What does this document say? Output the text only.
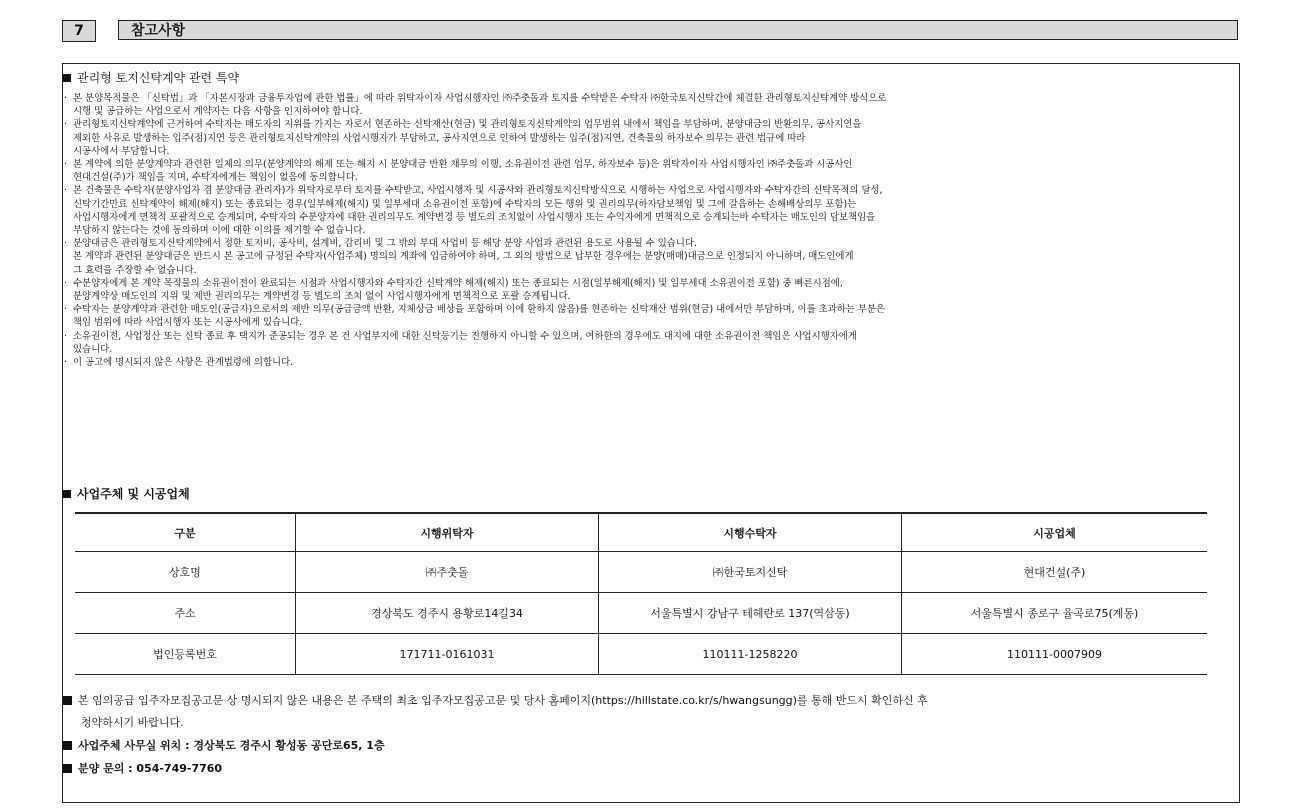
7	참고사항
관리형 토지신탁계약 관련 특약
· 본 분양목적물은 「신탁법」과 「자본시장과 금융투자업에 관한 법률」에 따라 위탁자이자 사업시행자인 ㈜주춧돌과 토지를 수탁받은 수탁자 ㈜한국토지신탁간에 체결한 관리형토지신탁계약 방식으로
시행 및 공급하는 사업으로서 계약자는 다음 사항을 인지하여야 합니다.
· 관리형토지신탁계약에 근거하여 수탁자는 매도자의 지위를 가지는 자로서 현존하는 신탁재산(현금) 및 관리형토지신탁계약의 업무범위 내에서 책임을 부담하며, 분양대금의 반환의무, 공사지연을
제외한 사유로 발생하는 입주(점)지연 등은 관리형토지신탁계약의 사업시행자가 부담하고, 공사지연으로 인하여 발생하는 입주(점)지연, 건축물의 하자보수 의무는 관련 법규에 따라
시공사에서 부담합니다.
· 본 계약에 의한 분양계약과 관련한 일체의 의무(분양계약의 해제 또는 해지 시 분양대금 반환 채무의 이행, 소유권이전 관련 업무, 하자보수 등)은 위탁자이자 사업시행자인 ㈜주춧돌과 시공사인
현대건설(주)가 책임을 지며, 수탁자에게는 책임이 없음에 동의합니다.
· 본 건축물은 수탁자(분양사업자 겸 분양대금 관리자)가 위탁자로부터 토지를 수탁받고, 사업시행자 및 시공사와 관리형토지신탁방식으로 시행하는 사업으로 사업시행자와 수탁자간의 신탁목적의 달성,
신탁기간만료 신탁계약이 해제(해지) 또는 종료되는 경우(일부해제(해지) 및 일부세대 소유권이전 포함)에 수탁자의 모든 행위 및 권리의무(하자담보책임 및 그에 갈음하는 손해배상의무 포함)는
사업시행자에게 면책적 포괄적으로 승계되며, 수탁자의 수분양자에 대한 권리의무도 계약변경 등 별도의 조치없이 사업시행자 또는 수익자에게 면책적으로 승계되는바 수탁자는 매도인의 담보책임을
부담하지 않는다는 것에 동의하며 이에 대한 이의를 제기할 수 없습니다.
· 분양대금은 관리형토지신탁계약에서 정한 토지비, 공사비, 설계비, 감리비 및 그 밖의 부대 사업비 등 해당 분양 사업과 관련된 용도로 사용될 수 있습니다.
본 계약과 관련된 분양대금은 반드시 본 공고에 규정된 수탁자(사업주체) 명의의 계좌에 입금하여야 하며, 그 외의 방법으로 납부한 경우에는 분양(매매)대금으로 인정되지 아니하며, 매도인에게
그 효력을 주장할 수 없습니다.
· 수분양자에게 본 계약 목적물의 소유권이전이 완료되는 시점과 사업시행자와 수탁자간 신탁계약 해제(해지) 또는 종료되는 시점(일부해제(해지) 및 일부세대 소유권이전 포함) 중 빠른시점에,
분양계약상 매도인의 지위 및 제반 권리의무는 계약변경 등 별도의 조치 없이 사업시행자에게 면책적으로 포괄 승계됩니다.
· 수탁자는 분양계약과 관련한 매도인(공급자)으로서의 제반 의무(공급금액 반환, 지체상금 배상을 포함하며 이에 한하지 않음)를 현존하는 신탁재산 범위(현금) 내에서만 부담하며, 이를 초과하는 부분은
책임 범위에 따라 사업시행자 또는 시공사에게 있습니다.
· 소유권이전, 사업정산 또는 신탁 종료 후 택지가 준공되는 경우 본 건 사업부지에 대한 신탁등기는 진행하지 아니할 수 있으며, 여하한의 경우에도 대지에 대한 소유권이전 책임은 사업시행자에게
있습니다.
· 이 공고에 명시되지 않은 사항은 관계법령에 의합니다.
사업주체 및 시공업체
구분	시행위탁자	시행수탁자	시공업체
상호명	㈜주춧돌	㈜한국토지신탁	현대건설(주)
주소	경상북도 경주시 용황로14길34	서울특별시 강남구 테헤란로 137(역삼동)	서울특별시 종로구 율곡로75(계동)
법인등록번호	171711-0161031	110111-1258220	110111-0007909
본 임의공급 입주자모집공고문 상 명시되지 않은 내용은 본 주택의 최초 입주자모집공고문 및 당사 홈페이지(https://hillstate.co.kr/s/hwangsungg)를 통해 반드시 확인하신 후
청약하시기 바랍니다.
사업주체 사무실 위치 : 경상북도 경주시 황성동 공단로65, 1층
분양 문의 : 054-749-7760
